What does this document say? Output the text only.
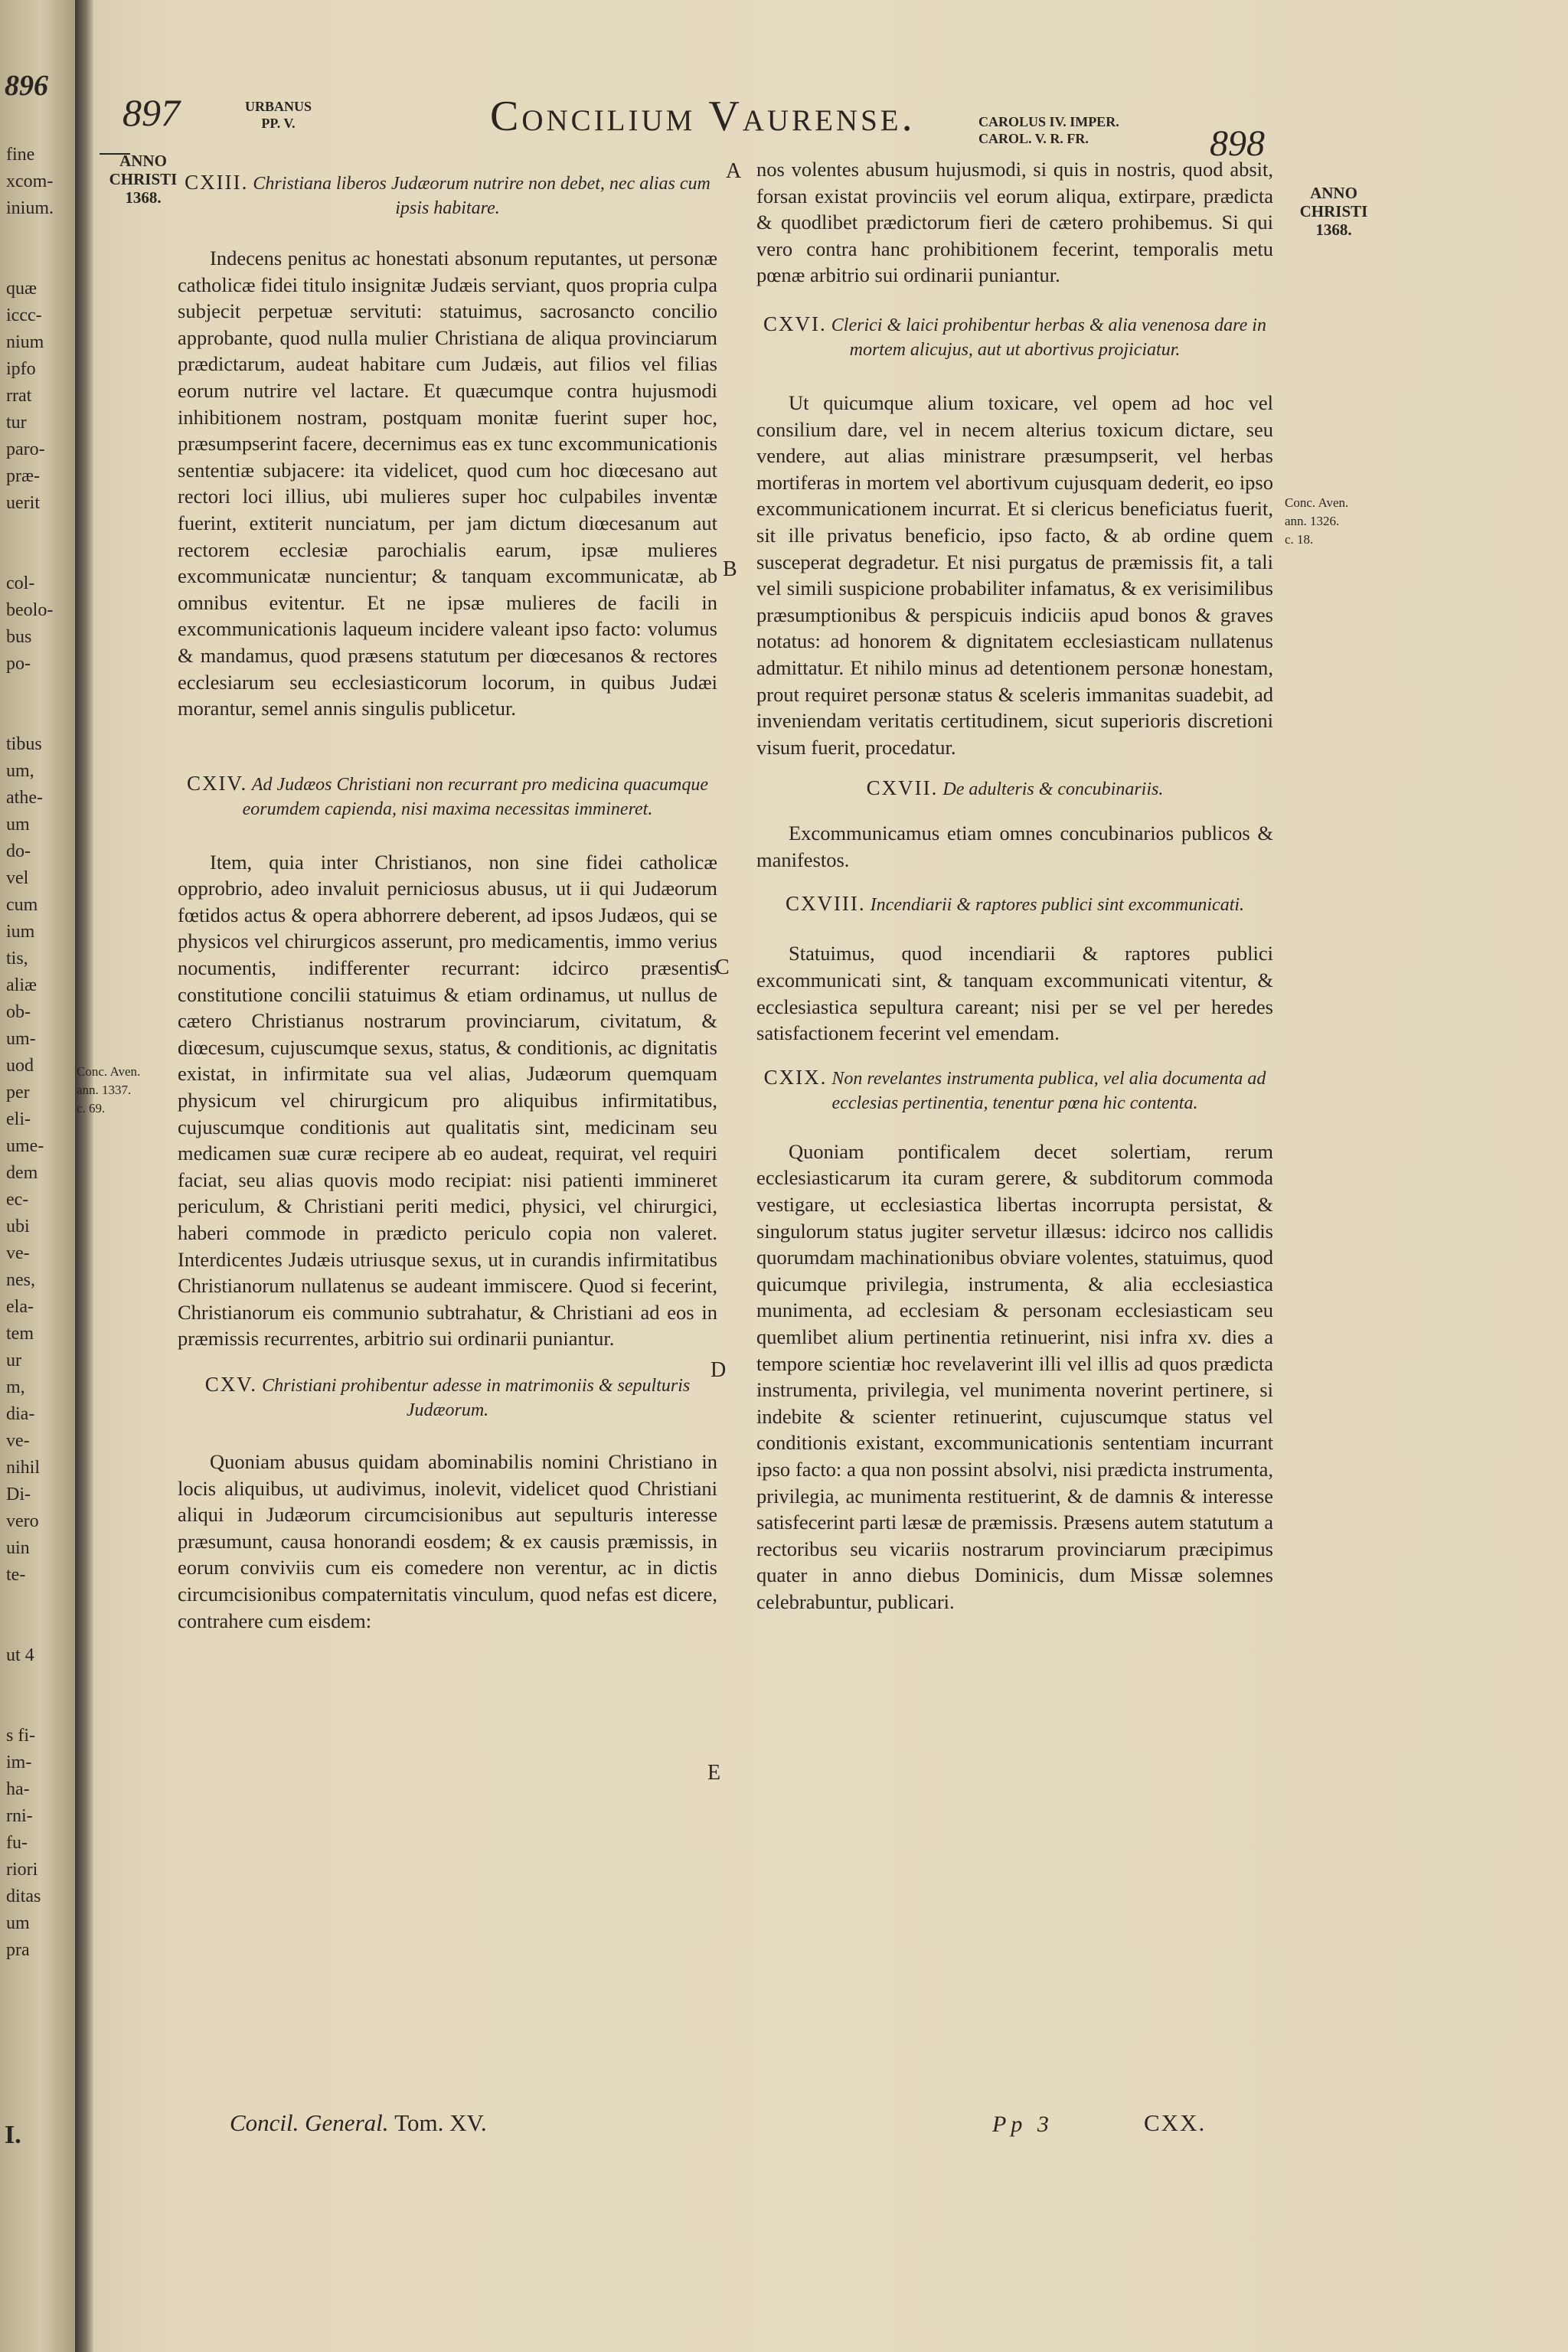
896
fine
xcom-
inium.

quæ
iccc-
nium
ipfo
rrat
tur
paro-
præ-
uerit

col-
beolo-
bus
po-

tibus
um,
athe-
um
do-
vel
cum
ium
tis,
aliæ
ob-
um-
uod
per
eli-
ume-
dem
ec-
ubi
ve-
nes,
ela-
tem
ur
m,
dia-
ve-
nihil
Di-
vero
uin
te-

ut 4

s fi-
im-
ha-
rni-
fu-
riori
ditas
um
pra
I.
897	URBANUS
PP. V.	Concilium Vaurense.	CAROLUS IV. IMPER.
CAROL. V. R. FR.	898
ANNO
CHRISTI
1368.
Conc. Aven.
ann. 1337.
c. 69.
ANNO
CHRISTI
1368.
Conc. Aven.
ann. 1326.
c. 18.
A
B
C
D
E
CXIII. Christiana liberos Judæorum nutrire non debet, nec alias cum ipsis habitare.

Indecens penitus ac honestati absonum reputantes, ut personæ catholicæ fidei titulo insignitæ Judæis serviant, quos propria culpa subjecit perpetuæ servituti: statuimus, sacrosancto concilio approbante, quod nulla mulier Christiana de aliqua provinciarum prædictarum, audeat habitare cum Judæis, aut filios vel filias eorum nutrire vel lactare. Et quæcumque contra hujusmodi inhibitionem nostram, postquam monitæ fuerint super hoc, præsumpserint facere, decernimus eas ex tunc excommunicationis sententiæ subjacere: ita videlicet, quod cum hoc diœcesano aut rectori loci illius, ubi mulieres super hoc culpabiles inventæ fuerint, extiterit nunciatum, per jam dictum diœcesanum aut rectorem ecclesiæ parochialis earum, ipsæ mulieres excommunicatæ nuncientur; & tanquam excommunicatæ, ab omnibus evitentur. Et ne ipsæ mulieres de facili in excommunicationis laqueum incidere valeant ipso facto: volumus & mandamus, quod præsens statutum per diœcesanos & rectores ecclesiarum seu ecclesiasticorum locorum, in quibus Judæi morantur, semel annis singulis publicetur.

CXIV. Ad Judæos Christiani non recurrant pro medicina quacumque eorumdem capienda, nisi maxima necessitas immineret.

Item, quia inter Christianos, non sine fidei catholicæ opprobrio, adeo invaluit perniciosus abusus, ut ii qui Judæorum fœtidos actus & opera abhorrere deberent, ad ipsos Judæos, qui se physicos vel chirurgicos asserunt, pro medicamentis, immo verius nocumentis, indifferenter recurrant: idcirco præsentis constitutione concilii statuimus & etiam ordinamus, ut nullus de cætero Christianus nostrarum provinciarum, civitatum, & diœcesum, cujuscumque sexus, status, & conditionis, ac dignitatis existat, in infirmitate sua vel alias, Judæorum quemquam physicum vel chirurgicum pro aliquibus infirmitatibus, cujuscumque conditionis aut qualitatis sint, medicinam seu medicamen suæ curæ recipere ab eo audeat, requirat, vel requiri faciat, seu alias quovis modo recipiat: nisi patienti immineret periculum, & Christiani periti medici, physici, vel chirurgici, haberi commode in prædicto periculo copia non valeret. Interdicentes Judæis utriusque sexus, ut in curandis infirmitatibus Christianorum nullatenus se audeant immiscere. Quod si fecerint, Christianorum eis communio subtrahatur, & Christiani ad eos in præmissis recurrentes, arbitrio sui ordinarii puniantur.

CXV. Christiani prohibentur adesse in matrimoniis & sepulturis Judæorum.

Quoniam abusus quidam abominabilis nomini Christiano in locis aliquibus, ut audivimus, inolevit, videlicet quod Christiani aliqui in Judæorum circumcisionibus aut sepulturis interesse præsumunt, causa honorandi eosdem; & ex causis præmissis, in eorum conviviis cum eis comedere non verentur, ac in dictis circumcisionibus compaternitatis vinculum, quod nefas est dicere, contrahere cum eisdem:

nos volentes abusum hujusmodi, si quis in nostris, quod absit, forsan existat provinciis vel eorum aliqua, extirpare, prædicta & quodlibet prædictorum fieri de cætero prohibemus. Si qui vero contra hanc prohibitionem fecerint, temporalis metu pœnæ arbitrio sui ordinarii puniantur.

CXVI. Clerici & laici prohibentur herbas & alia venenosa dare in mortem alicujus, aut ut abortivus projiciatur.

Ut quicumque alium toxicare, vel opem ad hoc vel consilium dare, vel in necem alterius toxicum dictare, seu vendere, aut alias ministrare præsumpserit, vel herbas mortiferas in mortem vel abortivum cujusquam dederit, eo ipso excommunicationem incurrat. Et si clericus beneficiatus fuerit, sit ille privatus beneficio, ipso facto, & ab ordine quem susceperat degradetur. Et nisi purgatus de præmissis fit, a tali vel simili suspicione probabiliter infamatus, & ex verisimilibus præsumptionibus & perspicuis indiciis apud bonos & graves notatus: ad honorem & dignitatem ecclesiasticam nullatenus admittatur. Et nihilo minus ad detentionem personæ honestam, prout requiret personæ status & sceleris immanitas suadebit, ad inveniendam veritatis certitudinem, sicut superioris discretioni visum fuerit, procedatur.

CXVII. De adulteris & concubinariis.

Excommunicamus etiam omnes concubinarios publicos & manifestos.

CXVIII. Incendiarii & raptores publici sint excommunicati.

Statuimus, quod incendiarii & raptores publici excommunicati sint, & tanquam excommunicati vitentur, & ecclesiastica sepultura careant; nisi per se vel per heredes satisfactionem fecerint vel emendam.

CXIX. Non revelantes instrumenta publica, vel alia documenta ad ecclesias pertinentia, tenentur pœna hic contenta.

Quoniam pontificalem decet solertiam, rerum ecclesiasticarum ita curam gerere, & subditorum commoda vestigare, ut ecclesiastica libertas incorrupta persistat, & singulorum status jugiter servetur illæsus: idcirco nos callidis quorumdam machinationibus obviare volentes, statuimus, quod quicumque privilegia, instrumenta, & alia ecclesiastica munimenta, ad ecclesiam & personam ecclesiasticam seu quemlibet alium pertinentia retinuerint, nisi infra xv. dies a tempore scientiæ hoc revelaverint illi vel illis ad quos prædicta instrumenta, privilegia, vel munimenta noverint pertinere, si indebite & scienter retinuerint, cujuscumque status vel conditionis existant, excommunicationis sententiam incurrant ipso facto: a qua non possint absolvi, nisi prædicta instrumenta, privilegia, ac munimenta restituerint, & de damnis & interesse satisfecerint parti læsæ de præmissis. Præsens autem statutum a rectoribus seu vicariis nostrarum provinciarum præcipimus quater in anno diebus Dominicis, dum Missæ solemnes celebrabuntur, publicari.

Concil. General. Tom. XV.	Pp 3	CXX.
